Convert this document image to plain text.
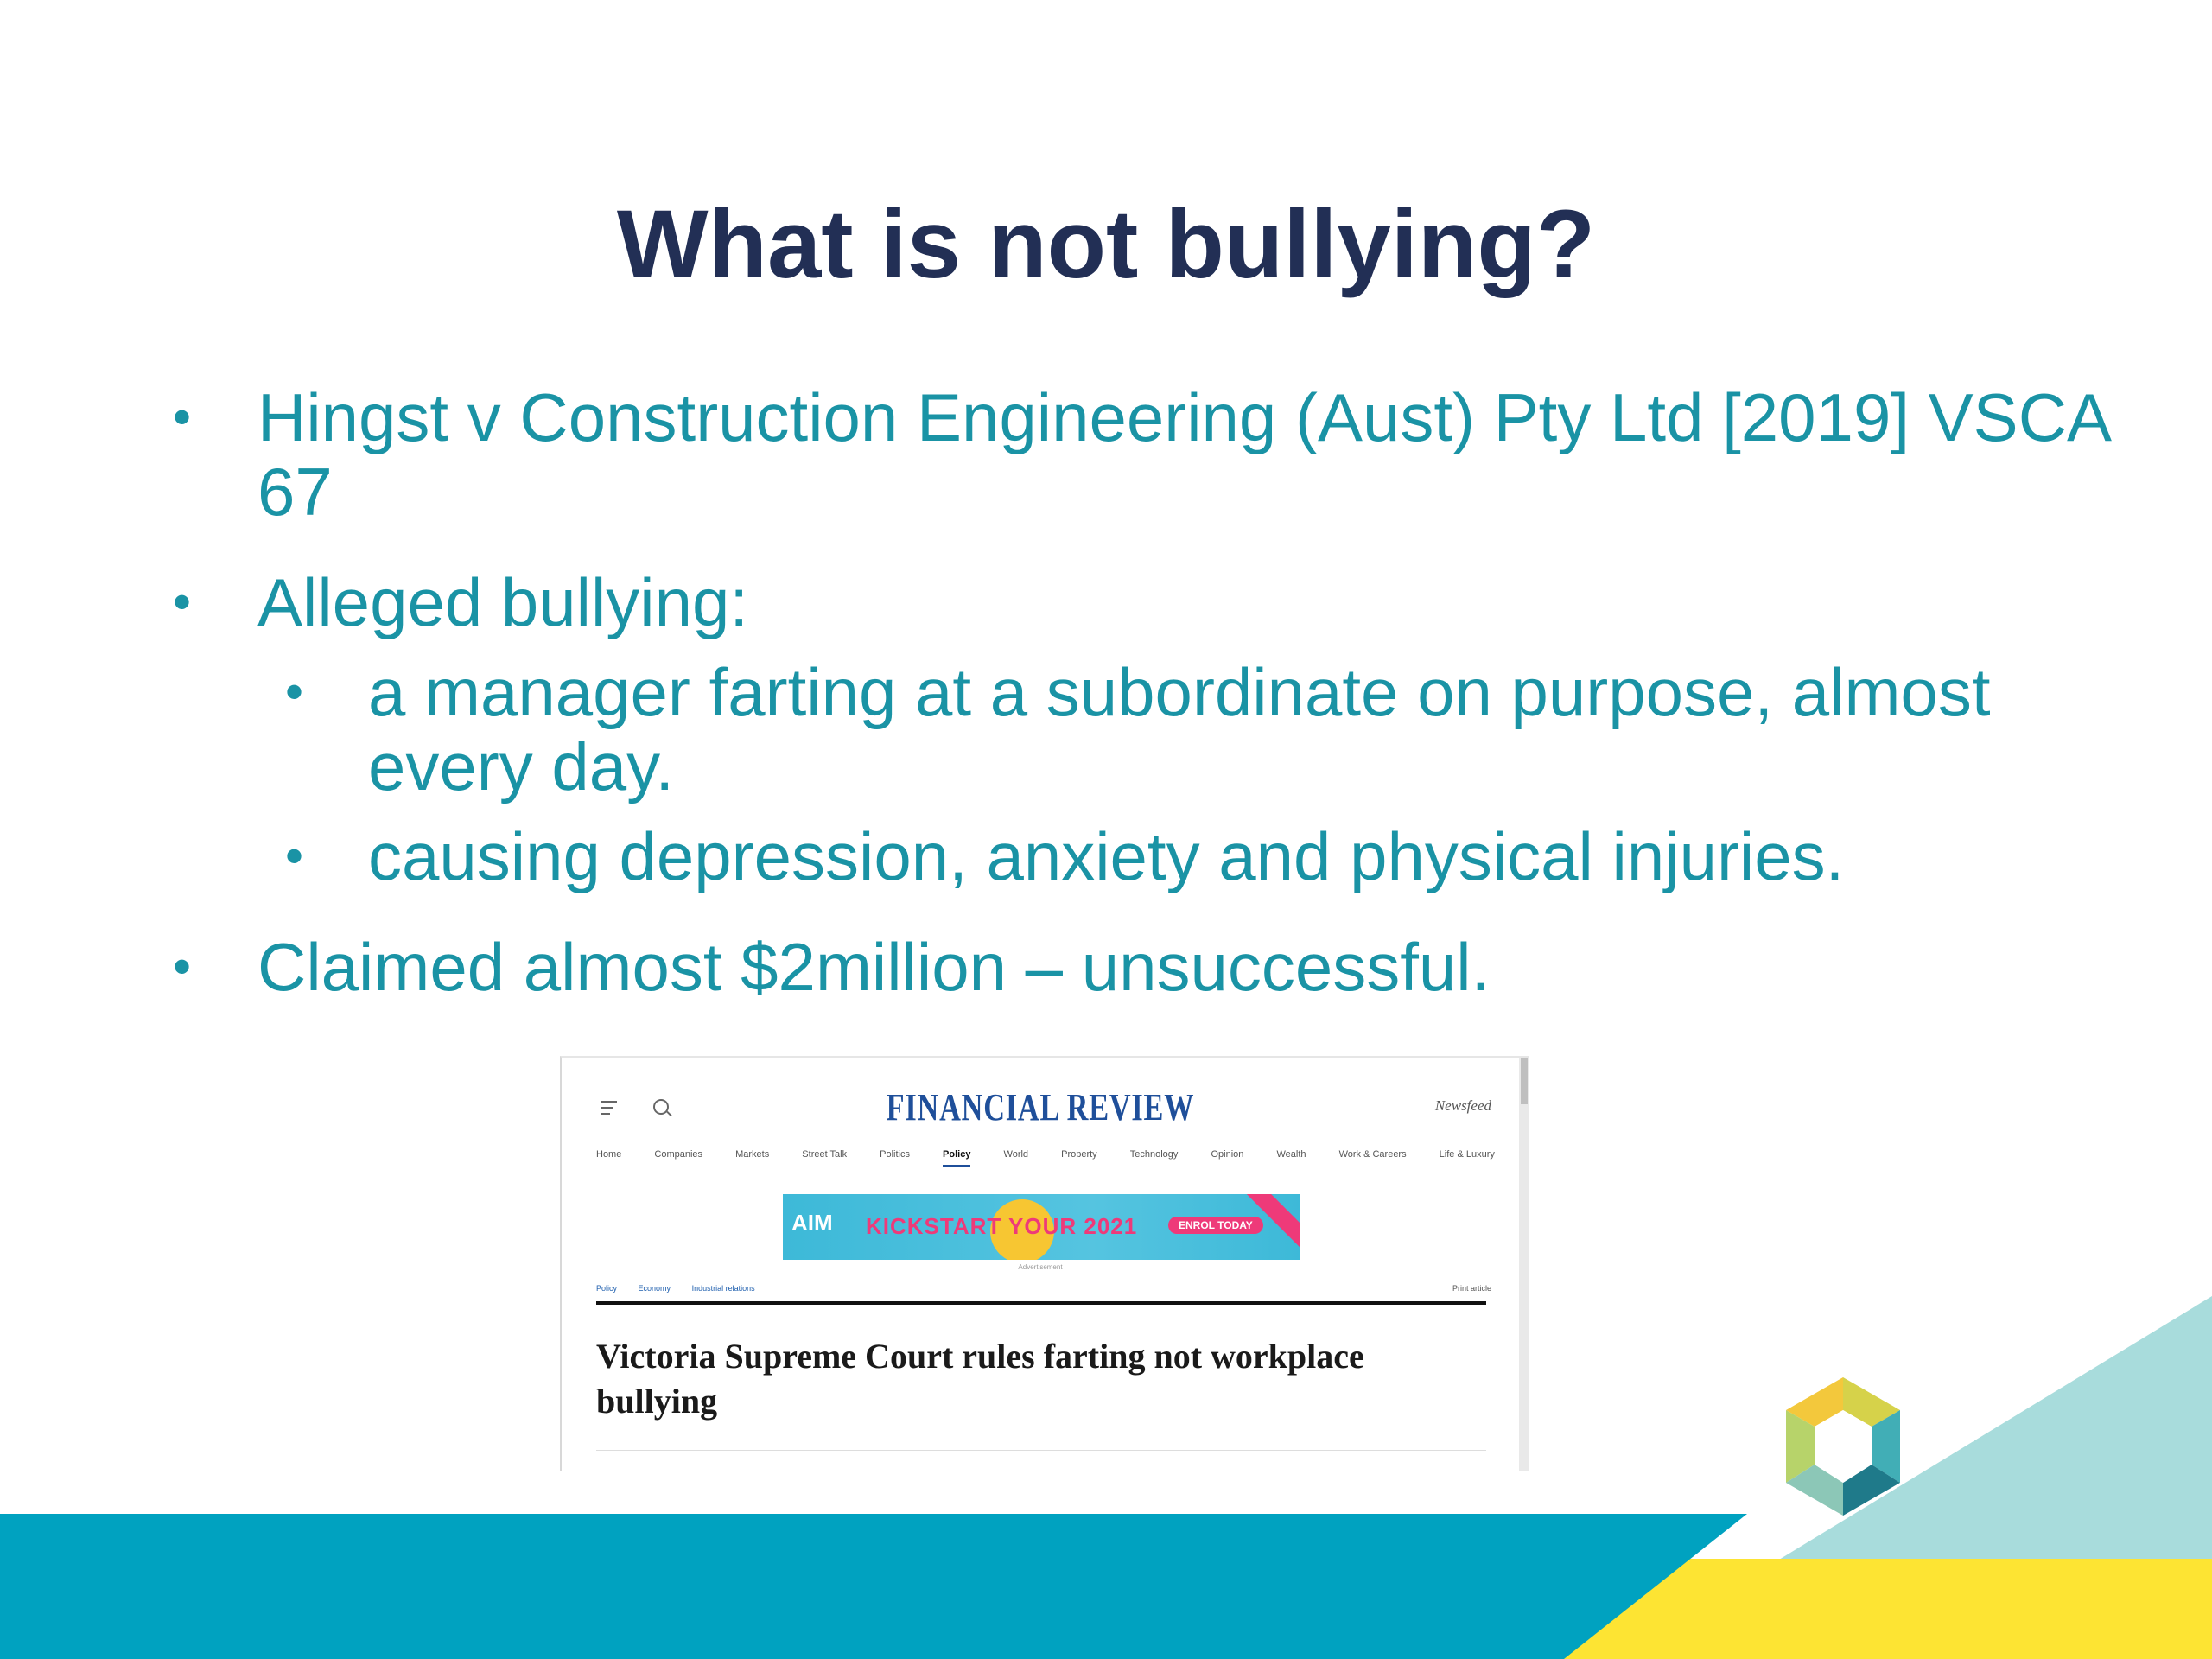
What is not bullying?
• Hingst v Construction Engineering (Aust) Pty Ltd [2019] VSCA 67
• Alleged bullying:
• a manager farting at a subordinate on purpose, almost every day.
• causing depression, anxiety and physical injuries.
• Claimed almost $2million – unsuccessful.
FINANCIAL REVIEW	Newsfeed
Home	Companies	Markets	Street Talk	Politics	Policy	World	Property	Technology	Opinion	Wealth	Work & Careers	Life & Luxury
AIM KICKSTART YOUR 2021	ENROL TODAY
Advertisement
Policy	Economy	Industrial relations	Print article
Victoria Supreme Court rules farting not workplace bullying
